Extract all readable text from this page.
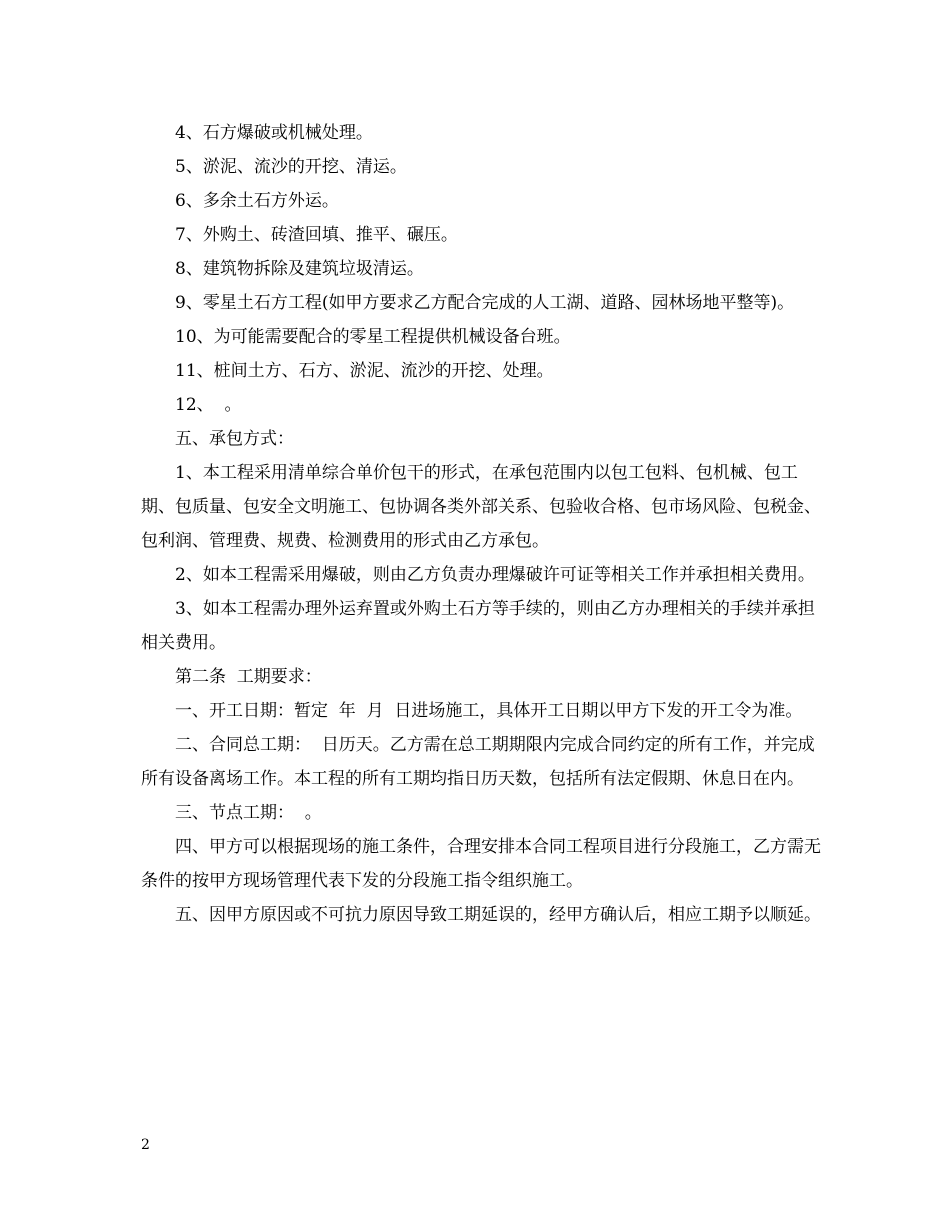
4、石方爆破或机械处理。

5、淤泥、流沙的开挖、清运。

6、多余土石方外运。

7、外购土、砖渣回填、推平、碾压。

8、建筑物拆除及建筑垃圾清运。

9、零星土石方工程(如甲方要求乙方配合完成的人工湖、道路、园林场地平整等)。

10、为可能需要配合的零星工程提供机械设备台班。

11、桩间土方、石方、淤泥、流沙的开挖、处理。

12、  。

五、承包方式：

1、本工程采用清单综合单价包干的形式，在承包范围内以包工包料、包机械、包工期、包质量、包安全文明施工、包协调各类外部关系、包验收合格、包市场风险、包税金、包利润、管理费、规费、检测费用的形式由乙方承包。

2、如本工程需采用爆破，则由乙方负责办理爆破许可证等相关工作并承担相关费用。

3、如本工程需办理外运弃置或外购土石方等手续的，则由乙方办理相关的手续并承担相关费用。

第二条  工期要求：

一、开工日期：暂定  年  月  日进场施工，具体开工日期以甲方下发的开工令为准。

二、合同总工期：  日历天。乙方需在总工期期限内完成合同约定的所有工作，并完成所有设备离场工作。本工程的所有工期均指日历天数，包括所有法定假期、休息日在内。

三、节点工期：  。

四、甲方可以根据现场的施工条件，合理安排本合同工程项目进行分段施工，乙方需无条件的按甲方现场管理代表下发的分段施工指令组织施工。

五、因甲方原因或不可抗力原因导致工期延误的，经甲方确认后，相应工期予以顺延。

2
